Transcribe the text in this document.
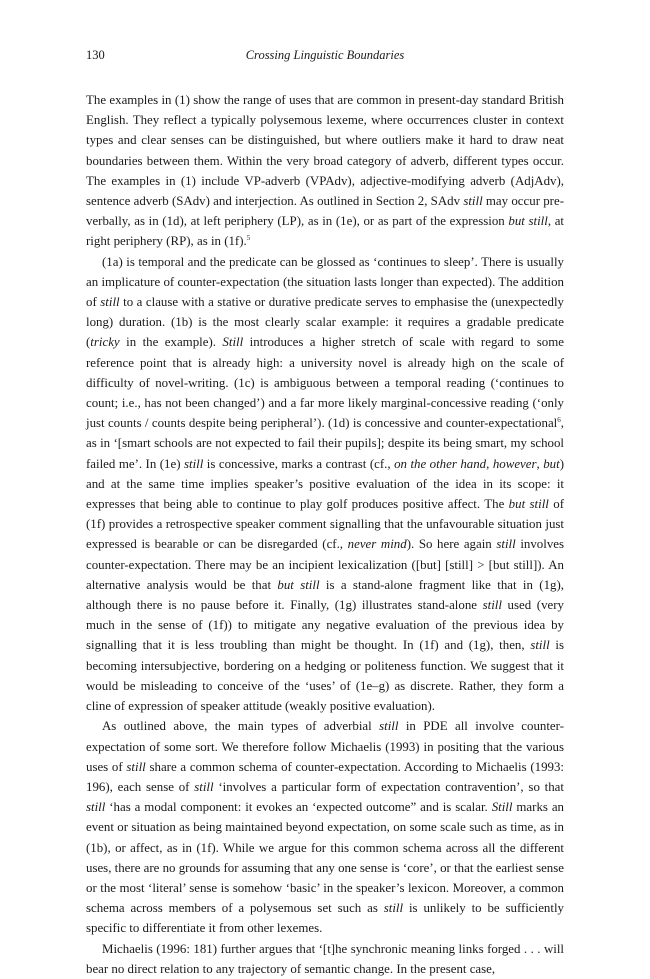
130	Crossing Linguistic Boundaries

The examples in (1) show the range of uses that are common in present-day standard British English. They reflect a typically polysemous lexeme, where occurrences cluster in context types and clear senses can be distinguished, but where outliers make it hard to draw neat boundaries between them. Within the very broad category of adverb, different types occur. The examples in (1) include VP-adverb (VPAdv), adjective-modifying adverb (AdjAdv), sentence adverb (SAdv) and interjection. As outlined in Section 2, SAdv still may occur pre-verbally, as in (1d), at left periphery (LP), as in (1e), or as part of the expression but still, at right periphery (RP), as in (1f).$^5$

(1a) is temporal and the predicate can be glossed as ‘continues to sleep’. There is usually an implicature of counter-expectation (the situation lasts longer than expected). The addition of still to a clause with a stative or durative predicate serves to emphasise the (unexpectedly long) duration. (1b) is the most clearly scalar example: it requires a gradable predicate (tricky in the example). Still introduces a higher stretch of scale with regard to some reference point that is already high: a university novel is already high on the scale of difficulty of novel-writing. (1c) is ambiguous between a temporal reading (‘continues to count; i.e., has not been changed’) and a far more likely marginal-concessive reading (‘only just counts / counts despite being peripheral’). (1d) is concessive and counter-expectational$^6$, as in ‘[smart schools are not expected to fail their pupils]; despite its being smart, my school failed me’. In (1e) still is concessive, marks a contrast (cf., on the other hand, however, but) and at the same time implies speaker’s positive evaluation of the idea in its scope: it expresses that being able to continue to play golf produces positive affect. The but still of (1f) provides a retrospective speaker comment signalling that the unfavourable situation just expressed is bearable or can be disregarded (cf., never mind). So here again still involves counter-expectation. There may be an incipient lexicalization ([but] [still] > [but still]). An alternative analysis would be that but still is a stand-alone fragment like that in (1g), although there is no pause before it. Finally, (1g) illustrates stand-alone still used (very much in the sense of (1f)) to mitigate any negative evaluation of the previous idea by signalling that it is less troubling than might be thought. In (1f) and (1g), then, still is becoming intersubjective, bordering on a hedging or politeness function. We suggest that it would be misleading to conceive of the ‘uses’ of (1e–g) as discrete. Rather, they form a cline of expression of speaker attitude (weakly positive evaluation).

As outlined above, the main types of adverbial still in PDE all involve counter-expectation of some sort. We therefore follow Michaelis (1993) in positing that the various uses of still share a common schema of counter-expectation. According to Michaelis (1993: 196), each sense of still ‘involves a particular form of expectation contravention’, so that still ‘has a modal component: it evokes an ‘expected outcome” and is scalar. Still marks an event or situation as being maintained beyond expectation, on some scale such as time, as in (1b), or affect, as in (1f). While we argue for this common schema across all the different uses, there are no grounds for assuming that any one sense is ‘core’, or that the earliest sense or the most ‘literal’ sense is somehow ‘basic’ in the speaker’s lexicon. Moreover, a common schema across members of a polysemous set such as still is unlikely to be sufficiently specific to differentiate it from other lexemes.

Michaelis (1996: 181) further argues that ‘[t]he synchronic meaning links forged . . . will bear no direct relation to any trajectory of semantic change. In the present case,
